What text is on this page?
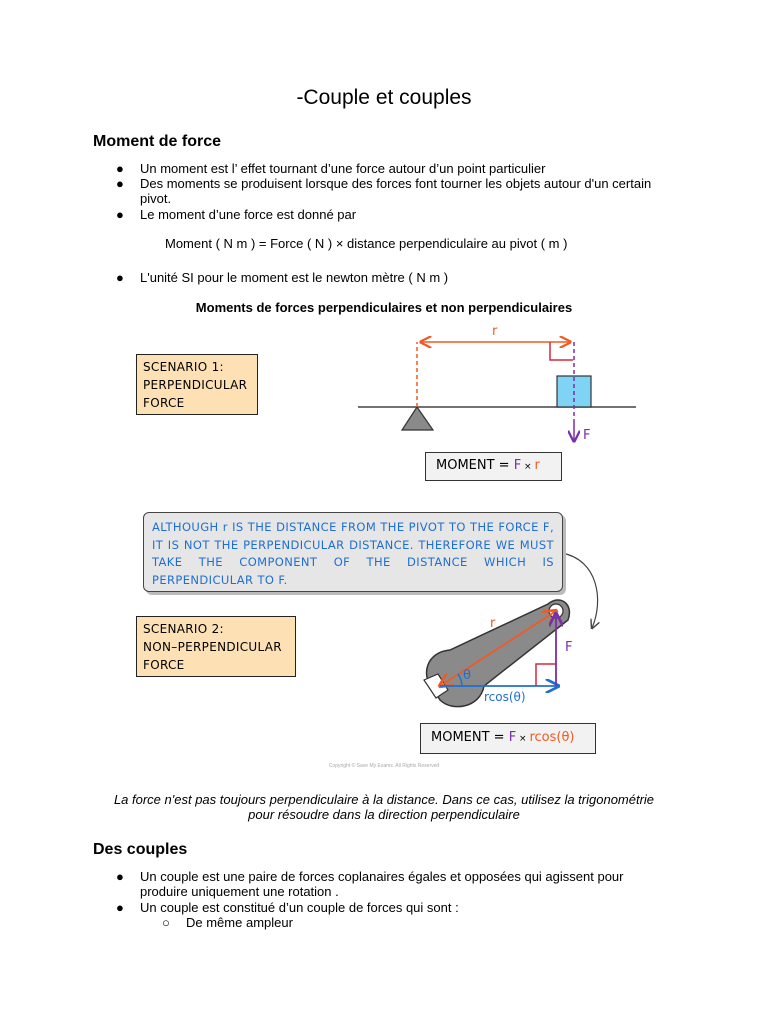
-Couple et couples
Moment de force
● Un moment est l’ effet tournant d’une force autour d’un point particulier
● Des moments se produisent lorsque des forces font tourner les objets autour d'un certain pivot.
● Le moment d’une force est donné par
Moment ( N m ) = Force ( N ) × distance perpendiculaire au pivot ( m )
● L'unité SI pour le moment est le newton mètre ( N m )
Moments de forces perpendiculaires et non perpendiculaires
SCENARIO 1:
PERPENDICULAR
FORCE
SCENARIO 2:
NON–PERPENDICULAR
FORCE
r
F
r
F
θ
rcos(θ)
ALTHOUGH r IS THE DISTANCE FROM THE PIVOT TO THE FORCE F, IT IS NOT THE PERPENDICULAR DISTANCE. THEREFORE WE MUST TAKE THE COMPONENT OF THE DISTANCE WHICH IS PERPENDICULAR TO F.
MOMENT = F × r
MOMENT = F × rcos(θ)
Copyright © Save My Exams. All Rights Reserved
La force n'est pas toujours perpendiculaire à la distance. Dans ce cas, utilisez la trigonométrie pour résoudre dans la direction perpendiculaire
Des couples
● Un couple est une paire de forces coplanaires égales et opposées qui agissent pour produire uniquement une rotation .
● Un couple est constitué d’un couple de forces qui sont :
○ De même ampleur
